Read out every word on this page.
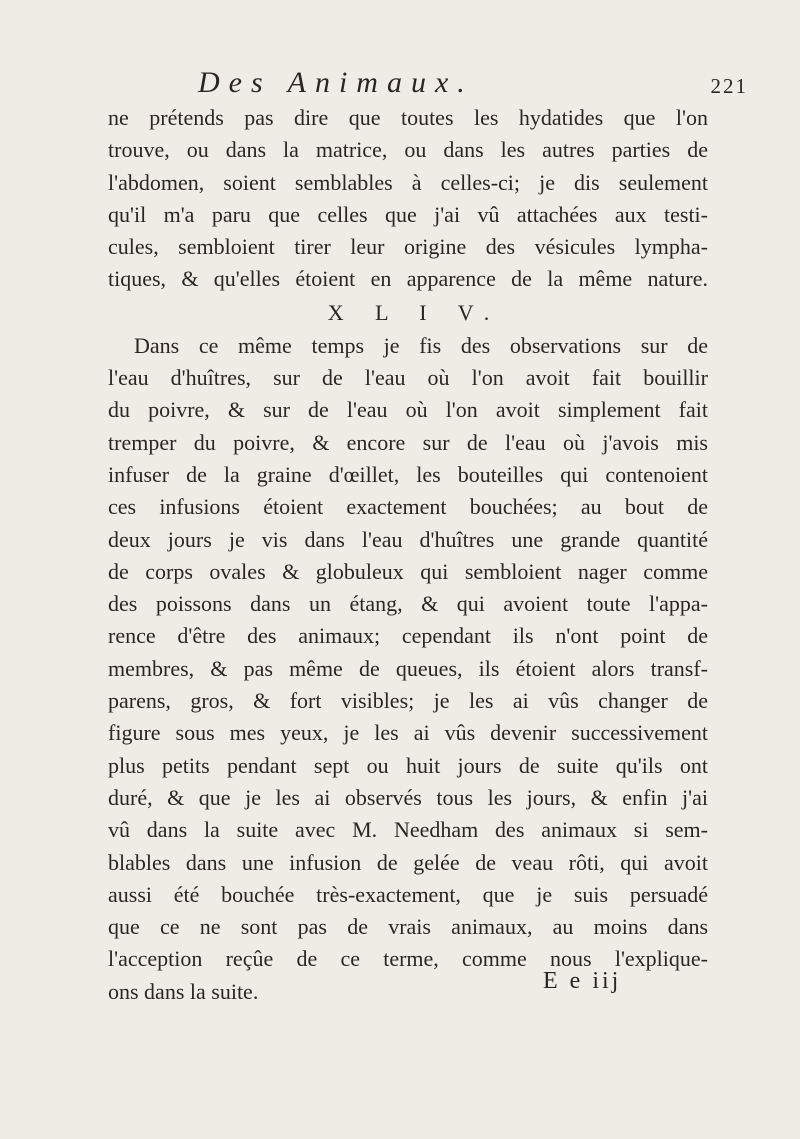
Des Animaux.	221
ne prétends pas dire que toutes les hydatides que l'on
trouve, ou dans la matrice, ou dans les autres parties de
l'abdomen, soient semblables à celles-ci; je dis seulement
qu'il m'a paru que celles que j'ai vû attachées aux testi-
cules, sembloient tirer leur origine des vésicules lympha-
tiques, & qu'elles étoient en apparence de la même nature.
X L I V.
Dans ce même temps je fis des observations sur de
l'eau d'huîtres, sur de l'eau où l'on avoit fait bouillir
du poivre, & sur de l'eau où l'on avoit simplement fait
tremper du poivre, & encore sur de l'eau où j'avois mis
infuser de la graine d'œillet, les bouteilles qui contenoient
ces infusions étoient exactement bouchées; au bout de
deux jours je vis dans l'eau d'huîtres une grande quantité
de corps ovales & globuleux qui sembloient nager comme
des poissons dans un étang, & qui avoient toute l'appa-
rence d'être des animaux; cependant ils n'ont point de
membres, & pas même de queues, ils étoient alors transf-
parens, gros, & fort visibles; je les ai vûs changer de
figure sous mes yeux, je les ai vûs devenir successivement
plus petits pendant sept ou huit jours de suite qu'ils ont
duré, & que je les ai observés tous les jours, & enfin j'ai
vû dans la suite avec M. Needham des animaux si sem-
blables dans une infusion de gelée de veau rôti, qui avoit
aussi été bouchée très-exactement, que je suis persuadé
que ce ne sont pas de vrais animaux, au moins dans
l'acception reçûe de ce terme, comme nous l'explique-
ons dans la suite.	E e iij
